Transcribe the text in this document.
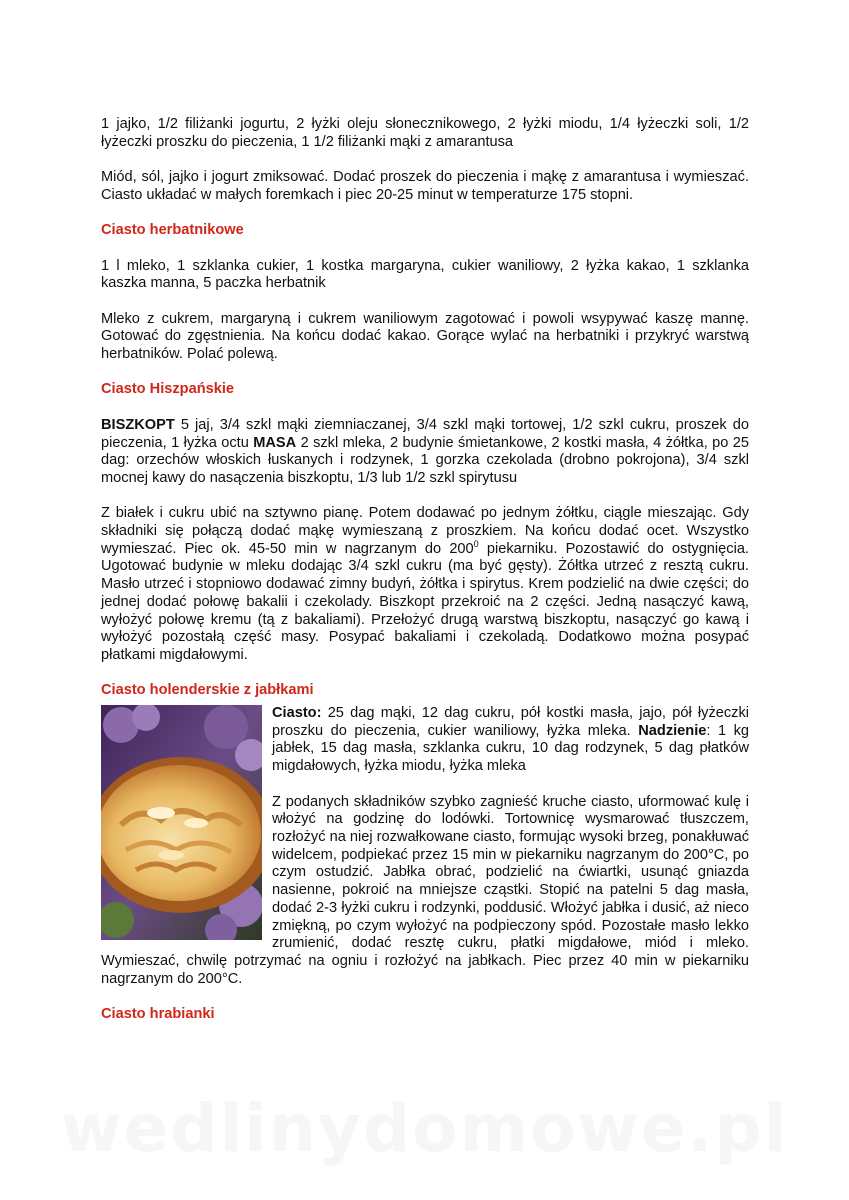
1 jajko, 1/2 filiżanki jogurtu, 2 łyżki oleju słonecznikowego, 2 łyżki miodu, 1/4 łyżeczki soli, 1/2 łyżeczki proszku do pieczenia, 1 1/2 filiżanki mąki z amarantusa

Miód, sól, jajko i jogurt zmiksować. Dodać proszek do pieczenia i mąkę z amarantusa i wymieszać. Ciasto układać w małych foremkach i piec 20-25 minut w temperaturze 175 stopni.

Ciasto herbatnikowe

1 l mleko, 1 szklanka cukier, 1 kostka margaryna, cukier waniliowy, 2 łyżka kakao, 1 szklanka kaszka manna, 5 paczka herbatnik

Mleko z cukrem, margaryną i cukrem waniliowym zagotować i powoli wsypywać kaszę mannę. Gotować do zgęstnienia. Na końcu dodać kakao. Gorące wylać na herbatniki i przykryć warstwą herbatników. Polać polewą.

Ciasto Hiszpańskie

BISZKOPT 5 jaj, 3/4 szkl mąki ziemniaczanej, 3/4 szkl mąki tortowej, 1/2 szkl cukru, proszek do pieczenia, 1 łyżka octu MASA 2 szkl mleka, 2 budynie śmietankowe, 2 kostki masła, 4 żółtka, po 25 dag: orzechów włoskich łuskanych i rodzynek, 1 gorzka czekolada (drobno pokrojona), 3/4 szkl mocnej kawy do nasączenia biszkoptu, 1/3 lub 1/2 szkl spirytusu

Z białek i cukru ubić na sztywno pianę. Potem dodawać po jednym żółtku, ciągle mieszając. Gdy składniki się połączą dodać mąkę wymieszaną z proszkiem. Na końcu dodać ocet. Wszystko wymieszać. Piec ok. 45-50 min w nagrzanym do $200^0$ piekarniku. Pozostawić do ostygnięcia. Ugotować budynie w mleku dodając 3/4 szkl cukru (ma być gęsty). Żółtka utrzeć z resztą cukru. Masło utrzeć i stopniowo dodawać zimny budyń, żółtka i spirytus. Krem podzielić na dwie części; do jednej dodać połowę bakalii i czekolady. Biszkopt przekroić na 2 części. Jedną nasączyć kawą, wyłożyć połowę kremu (tą z bakaliami). Przełożyć drugą warstwą biszkoptu, nasączyć go kawą i wyłożyć pozostałą część masy. Posypać bakaliami i czekoladą. Dodatkowo można posypać płatkami migdałowymi.

Ciasto holenderskie z jabłkami

Ciasto: 25 dag mąki, 12 dag cukru, pół kostki masła, jajo, pół łyżeczki proszku do pieczenia, cukier waniliowy, łyżka mleka. Nadzienie: 1 kg jabłek, 15 dag masła, szklanka cukru, 10 dag rodzynek, 5 dag płatków migdałowych, łyżka miodu, łyżka mleka

Z podanych składników szybko zagnieść kruche ciasto, uformować kulę i włożyć na godzinę do lodówki. Tortownicę wysmarować tłuszczem, rozłożyć na niej rozwałkowane ciasto, formując wysoki brzeg, ponakłuwać widelcem, podpiekać przez 15 min w piekarniku nagrzanym do 200°C, po czym ostudzić. Jabłka obrać, podzielić na ćwiartki, usunąć gniazda nasienne, pokroić na mniejsze cząstki. Stopić na patelni 5 dag masła, dodać 2-3 łyżki cukru i rodzynki, poddusić. Włożyć jabłka i dusić, aż nieco zmiękną, po czym wyłożyć na podpieczony spód. Pozostałe masło lekko zrumienić, dodać resztę cukru, płatki migdałowe, miód i mleko. Wymieszać, chwilę potrzymać na ogniu i rozłożyć na jabłkach. Piec przez 40 min w piekarniku nagrzanym do 200°C.

Ciasto hrabianki
wedlinydomowe.pl
